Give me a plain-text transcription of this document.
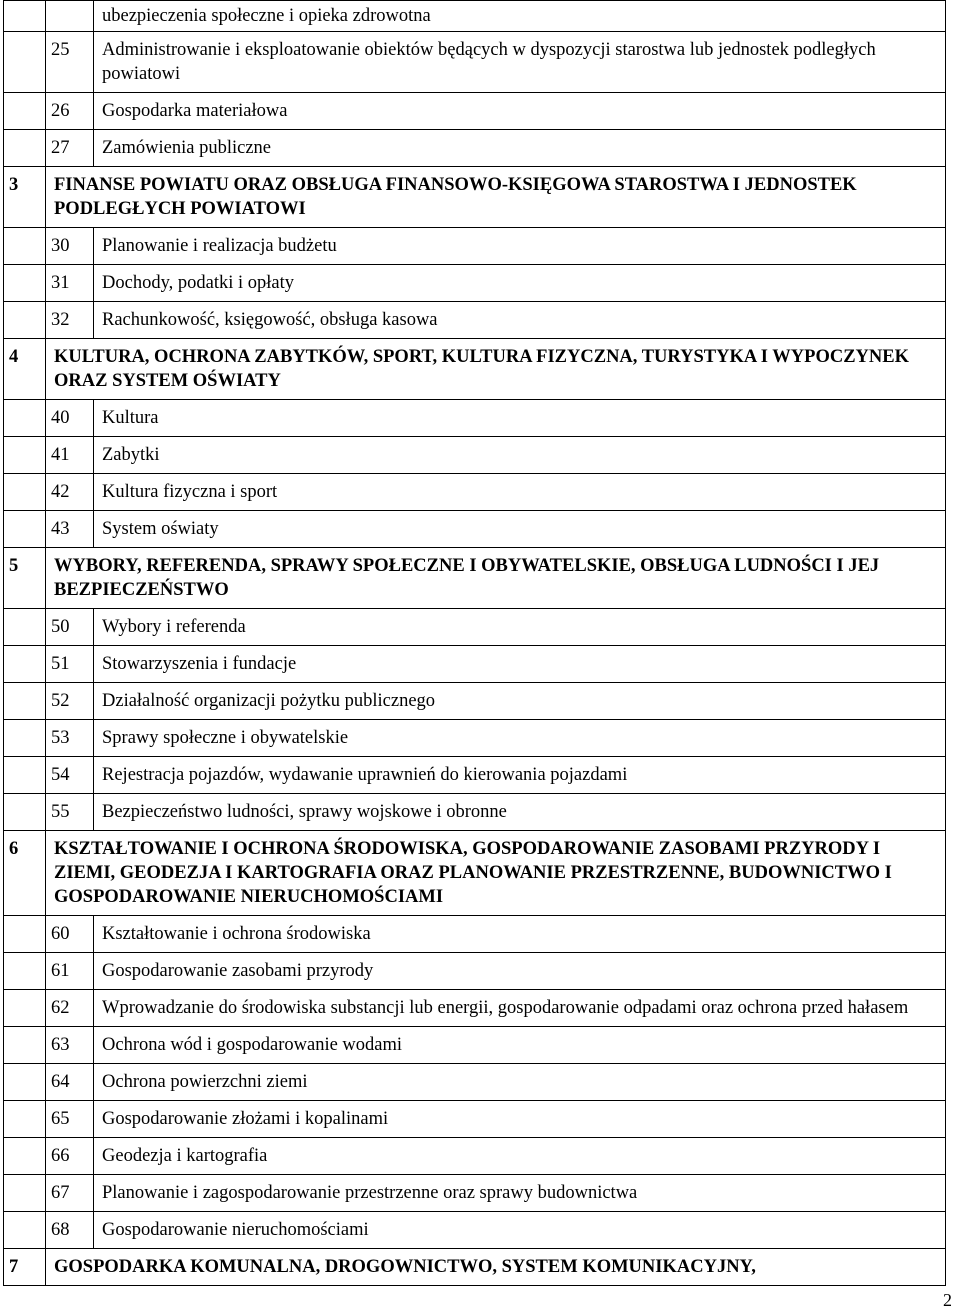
		ubezpieczenia społeczne i opieka zdrowotna
	25	Administrowanie i eksploatowanie obiektów będących w dyspozycji starostwa lub jednostek podległych powiatowi
	26	Gospodarka materiałowa
	27	Zamówienia publiczne
3	FINANSE POWIATU ORAZ OBSŁUGA FINANSOWO-KSIĘGOWA STAROSTWA I JEDNOSTEK PODLEGŁYCH POWIATOWI	
	30	Planowanie i realizacja budżetu
	31	Dochody, podatki i opłaty
	32	Rachunkowość, księgowość, obsługa kasowa
4	KULTURA, OCHRONA ZABYTKÓW, SPORT, KULTURA FIZYCZNA, TURYSTYKA I WYPOCZYNEK ORAZ SYSTEM OŚWIATY	
	40	Kultura
	41	Zabytki
	42	Kultura fizyczna i sport
	43	System oświaty
5	WYBORY, REFERENDA, SPRAWY SPOŁECZNE I OBYWATELSKIE, OBSŁUGA LUDNOŚCI I JEJ BEZPIECZEŃSTWO	
	50	Wybory i referenda
	51	Stowarzyszenia i fundacje
	52	Działalność organizacji pożytku publicznego
	53	Sprawy społeczne i obywatelskie
	54	Rejestracja pojazdów, wydawanie uprawnień do kierowania pojazdami
	55	Bezpieczeństwo ludności, sprawy wojskowe i obronne
6	KSZTAŁTOWANIE I OCHRONA ŚRODOWISKA, GOSPODAROWANIE ZASOBAMI PRZYRODY I ZIEMI, GEODEZJA I KARTOGRAFIA ORAZ PLANOWANIE PRZESTRZENNE, BUDOWNICTWO I GOSPODAROWANIE NIERUCHOMOŚCIAMI	
	60	Kształtowanie i ochrona środowiska
	61	Gospodarowanie zasobami przyrody
	62	Wprowadzanie do środowiska substancji lub energii, gospodarowanie odpadami oraz ochrona przed hałasem
	63	Ochrona wód i gospodarowanie wodami
	64	Ochrona powierzchni ziemi
	65	Gospodarowanie złożami i kopalinami
	66	Geodezja i kartografia
	67	Planowanie i zagospodarowanie przestrzenne oraz sprawy budownictwa
	68	Gospodarowanie nieruchomościami
7	GOSPODARKA KOMUNALNA, DROGOWNICTWO, SYSTEM KOMUNIKACYJNY,	
2
